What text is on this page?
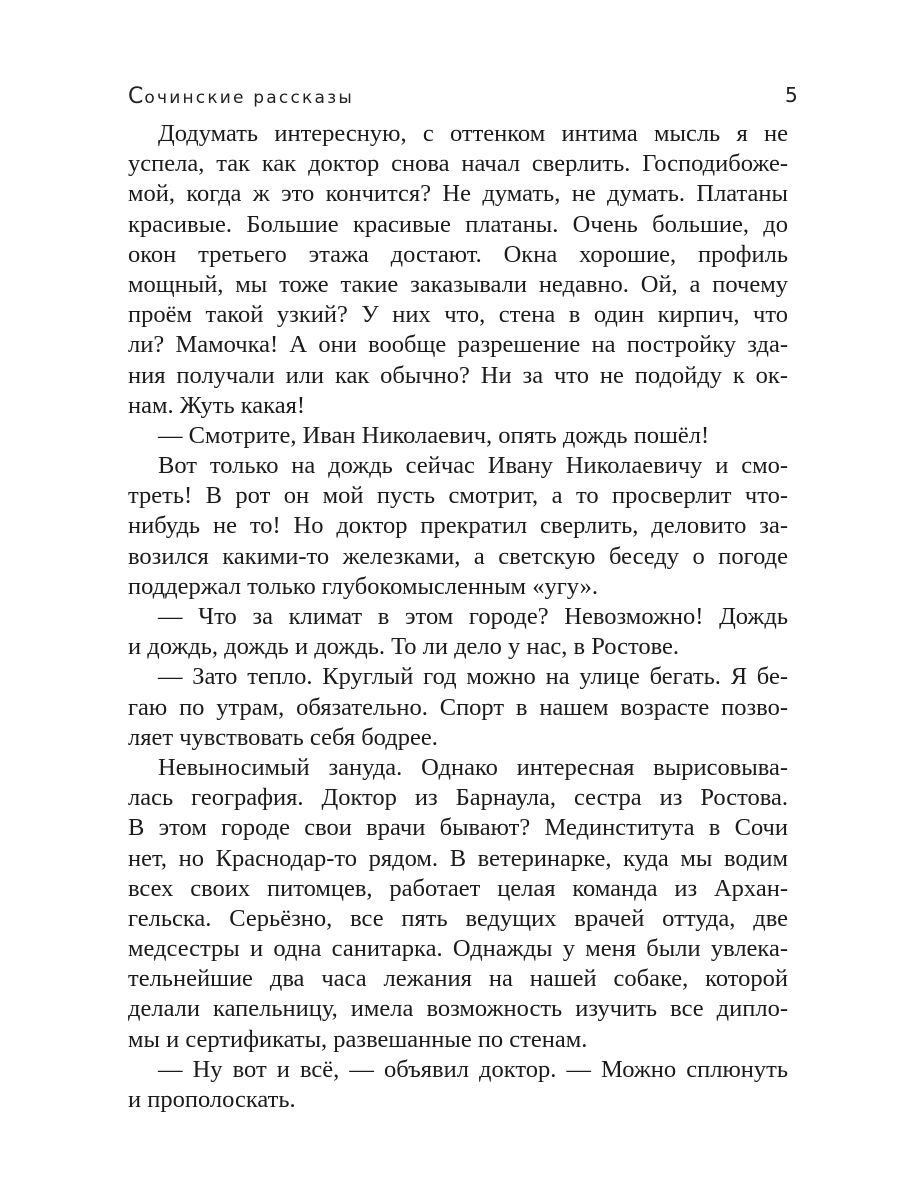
Сочинские рассказы	5
Додумать интересную, с оттенком интима мысль я не
успела, так как доктор снова начал сверлить. Господибоже-
мой, когда ж это кончится? Не думать, не думать. Платаны
красивые. Большие красивые платаны. Очень большие, до
окон третьего этажа достают. Окна хорошие, профиль
мощный, мы тоже такие заказывали недавно. Ой, а почему
проём такой узкий? У них что, стена в один кирпич, что
ли? Мамочка! А они вообще разрешение на постройку зда-
ния получали или как обычно? Ни за что не подойду к ок-
нам. Жуть какая!
— Смотрите, Иван Николаевич, опять дождь пошёл!
Вот только на дождь сейчас Ивану Николаевичу и смо-
треть! В рот он мой пусть смотрит, а то просверлит что-
нибудь не то! Но доктор прекратил сверлить, деловито за-
возился какими-то железками, а светскую беседу о погоде
поддержал только глубокомысленным «угу».
— Что за климат в этом городе? Невозможно! Дождь
и дождь, дождь и дождь. То ли дело у нас, в Ростове.
— Зато тепло. Круглый год можно на улице бегать. Я бе-
гаю по утрам, обязательно. Спорт в нашем возрасте позво-
ляет чувствовать себя бодрее.
Невыносимый зануда. Однако интересная вырисовыва-
лась география. Доктор из Барнаула, сестра из Ростова.
В этом городе свои врачи бывают? Мединститута в Сочи
нет, но Краснодар-то рядом. В ветеринарке, куда мы водим
всех своих питомцев, работает целая команда из Архан-
гельска. Серьёзно, все пять ведущих врачей оттуда, две
медсестры и одна санитарка. Однажды у меня были увлека-
тельнейшие два часа лежания на нашей собаке, которой
делали капельницу, имела возможность изучить все дипло-
мы и сертификаты, развешанные по стенам.
— Ну вот и всё, — объявил доктор. — Можно сплюнуть
и прополоскать.
